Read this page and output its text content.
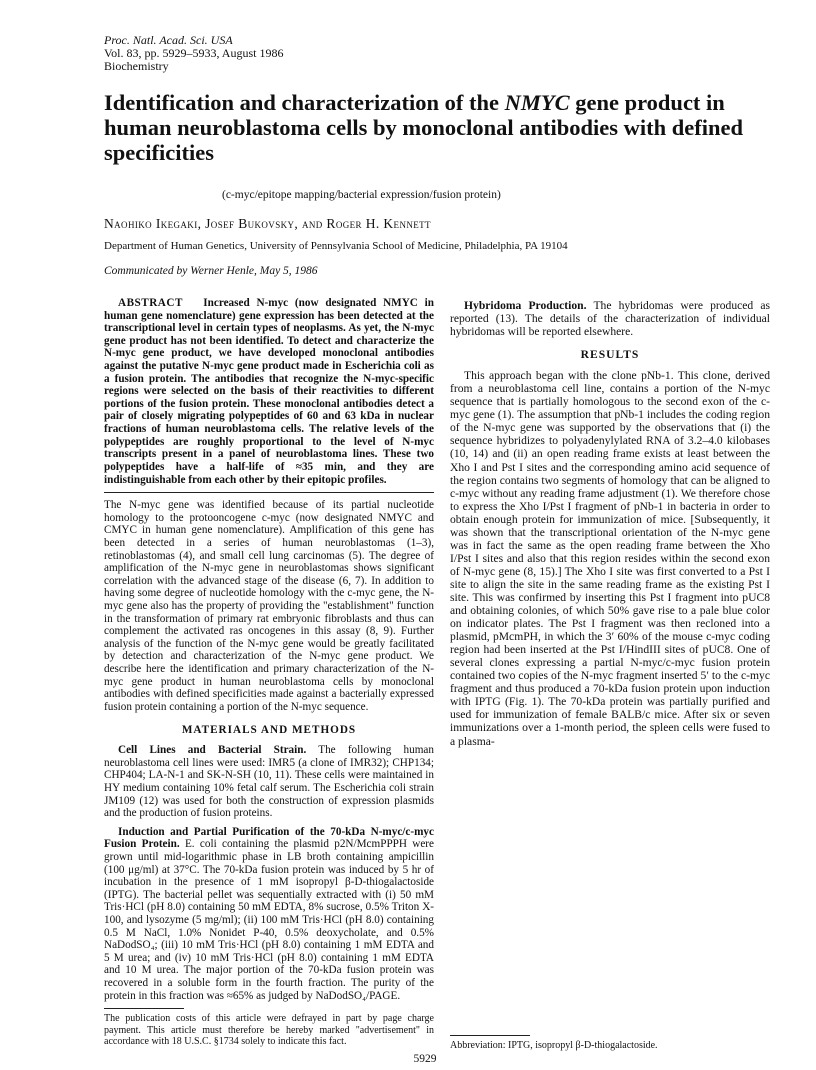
Proc. Natl. Acad. Sci. USA
Vol. 83, pp. 5929–5933, August 1986
Biochemistry
Identification and characterization of the NMYC gene product in human neuroblastoma cells by monoclonal antibodies with defined specificities
(c-myc/epitope mapping/bacterial expression/fusion protein)
Naohiko Ikegaki, Josef Bukovsky, and Roger H. Kennett
Department of Human Genetics, University of Pennsylvania School of Medicine, Philadelphia, PA 19104
Communicated by Werner Henle, May 5, 1986

ABSTRACT Increased N-myc (now designated NMYC in human gene nomenclature) gene expression has been detected at the transcriptional level in certain types of neoplasms. As yet, the N-myc gene product has not been identified. To detect and characterize the N-myc gene product, we have developed monoclonal antibodies against the putative N-myc gene product made in Escherichia coli as a fusion protein. The antibodies that recognize the N-myc-specific regions were selected on the basis of their reactivities to different portions of the fusion protein. These monoclonal antibodies detect a pair of closely migrating polypeptides of 60 and 63 kDa in nuclear fractions of human neuroblastoma cells. The relative levels of the polypeptides are roughly proportional to the level of N-myc transcripts present in a panel of neuroblastoma lines. These two polypeptides have a half-life of ≈35 min, and they are indistinguishable from each other by their epitopic profiles.

The N-myc gene was identified because of its partial nucleotide homology to the protooncogene c-myc (now designated NMYC and CMYC in human gene nomenclature). Amplification of this gene has been detected in a series of human neuroblastomas (1–3), retinoblastomas (4), and small cell lung carcinomas (5). The degree of amplification of the N-myc gene in neuroblastomas shows significant correlation with the advanced stage of the disease (6, 7). In addition to having some degree of nucleotide homology with the c-myc gene, the N-myc gene also has the property of providing the "establishment" function in the transformation of primary rat embryonic fibroblasts and thus can complement the activated ras oncogenes in this assay (8, 9). Further analysis of the function of the N-myc gene would be greatly facilitated by detection and characterization of the N-myc gene product. We describe here the identification and primary characterization of the N-myc gene product in human neuroblastoma cells by monoclonal antibodies with defined specificities made against a bacterially expressed fusion protein containing a portion of the N-myc sequence.

MATERIALS AND METHODS

Cell Lines and Bacterial Strain. The following human neuroblastoma cell lines were used: IMR5 (a clone of IMR32); CHP134; CHP404; LA-N-1 and SK-N-SH (10, 11). These cells were maintained in HY medium containing 10% fetal calf serum. The Escherichia coli strain JM109 (12) was used for both the construction of expression plasmids and the production of fusion proteins.

Induction and Partial Purification of the 70-kDa N-myc/c-myc Fusion Protein. E. coli containing the plasmid p2N/McmPPPH were grown until mid-logarithmic phase in LB broth containing ampicillin (100 μg/ml) at 37°C. The 70-kDa fusion protein was induced by 5 hr of incubation in the presence of 1 mM isopropyl β-D-thiogalactoside (IPTG). The bacterial pellet was sequentially extracted with (i) 50 mM Tris·HCl (pH 8.0) containing 50 mM EDTA, 8% sucrose, 0.5% Triton X-100, and lysozyme (5 mg/ml); (ii) 100 mM Tris·HCl (pH 8.0) containing 0.5 M NaCl, 1.0% Nonidet P-40, 0.5% deoxycholate, and 0.5% NaDodSO₄; (iii) 10 mM Tris·HCl (pH 8.0) containing 1 mM EDTA and 5 M urea; and (iv) 10 mM Tris·HCl (pH 8.0) containing 1 mM EDTA and 10 M urea. The major portion of the 70-kDa fusion protein was recovered in a soluble form in the fourth fraction. The purity of the protein in this fraction was ≈65% as judged by NaDodSO₄/PAGE.

Hybridoma Production. The hybridomas were produced as reported (13). The details of the characterization of individual hybridomas will be reported elsewhere.

RESULTS

This approach began with the clone pNb-1. This clone, derived from a neuroblastoma cell line, contains a portion of the N-myc sequence that is partially homologous to the second exon of the c-myc gene (1). The assumption that pNb-1 includes the coding region of the N-myc gene was supported by the observations that (i) the sequence hybridizes to polyadenylylated RNA of 3.2–4.0 kilobases (10, 14) and (ii) an open reading frame exists at least between the Xho I and Pst I sites and the corresponding amino acid sequence of the region contains two segments of homology that can be aligned to c-myc without any reading frame adjustment (1). We therefore chose to express the Xho I/Pst I fragment of pNb-1 in bacteria in order to obtain enough protein for immunization of mice. [Subsequently, it was shown that the transcriptional orientation of the N-myc gene was in fact the same as the open reading frame between the Xho I/Pst I sites and also that this region resides within the second exon of N-myc gene (8, 15).] The Xho I site was first converted to a Pst I site to align the site in the same reading frame as the existing Pst I site. This was confirmed by inserting this Pst I fragment into pUC8 and obtaining colonies, of which 50% gave rise to a pale blue color on indicator plates. The Pst I fragment was then recloned into a plasmid, pMcmPH, in which the 3′ 60% of the mouse c-myc coding region had been inserted at the Pst I/HindIII sites of pUC8. One of several clones expressing a partial N-myc/c-myc fusion protein contained two copies of the N-myc fragment inserted 5′ to the c-myc fragment and thus produced a 70-kDa fusion protein upon induction with IPTG (Fig. 1). The 70-kDa protein was partially purified and used for immunization of female BALB/c mice. After six or seven immunizations over a 1-month period, the spleen cells were fused to a plasma-

The publication costs of this article were defrayed in part by page charge payment. This article must therefore be hereby marked "advertisement" in accordance with 18 U.S.C. §1734 solely to indicate this fact.	Abbreviation: IPTG, isopropyl β-D-thiogalactoside.
5929
